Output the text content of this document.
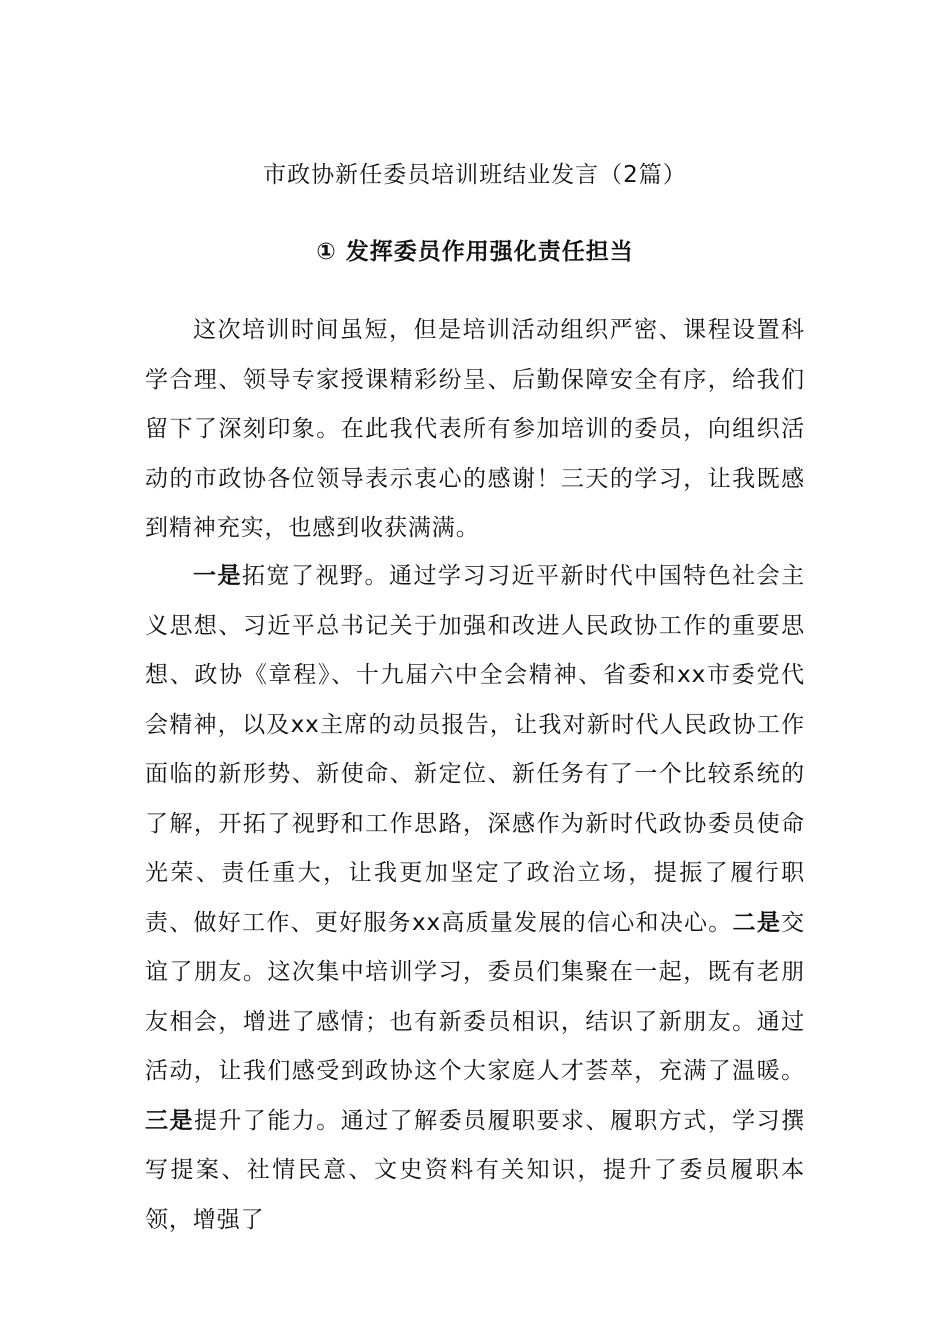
市政协新任委员培训班结业发言（2篇）
① 发挥委员作用强化责任担当

这次培训时间虽短，但是培训活动组织严密、课程设置科学合理、领导专家授课精彩纷呈、后勤保障安全有序，给我们留下了深刻印象。在此我代表所有参加培训的委员，向组织活动的市政协各位领导表示衷心的感谢！三天的学习，让我既感到精神充实，也感到收获满满。

一是拓宽了视野。通过学习习近平新时代中国特色社会主义思想、习近平总书记关于加强和改进人民政协工作的重要思想、政协《章程》、十九届六中全会精神、省委和xx市委党代会精神，以及xx主席的动员报告，让我对新时代人民政协工作面临的新形势、新使命、新定位、新任务有了一个比较系统的了解，开拓了视野和工作思路，深感作为新时代政协委员使命光荣、责任重大，让我更加坚定了政治立场，提振了履行职责、做好工作、更好服务xx高质量发展的信心和决心。二是交谊了朋友。这次集中培训学习，委员们集聚在一起，既有老朋友相会，增进了感情；也有新委员相识，结识了新朋友。通过活动，让我们感受到政协这个大家庭人才荟萃，充满了温暖。三是提升了能力。通过了解委员履职要求、履职方式，学习撰写提案、社情民意、文史资料有关知识，提升了委员履职本领，增强了
